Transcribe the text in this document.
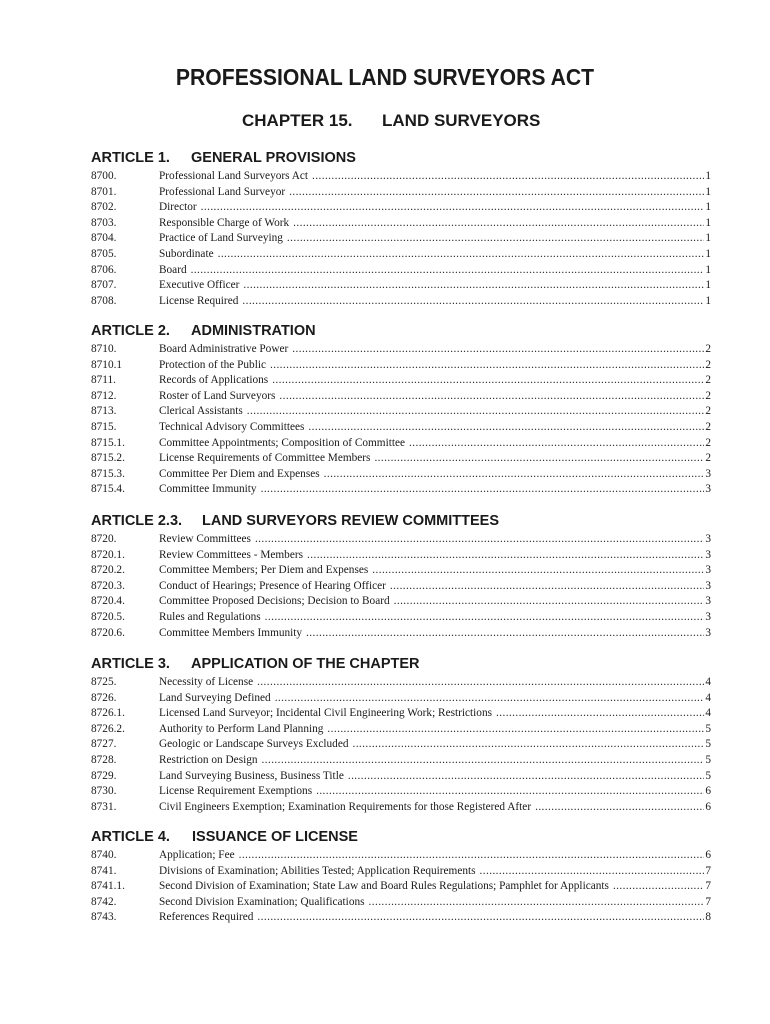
PROFESSIONAL LAND SURVEYORS ACT
CHAPTER 15. LAND SURVEYORS
ARTICLE 1. GENERAL PROVISIONS
8700.	Professional Land Surveyors Act .....	1
8701.	Professional Land Surveyor .....	1
8702.	Director .....	1
8703.	Responsible Charge of Work .....	1
8704.	Practice of Land Surveying .....	1
8705.	Subordinate .....	1
8706.	Board .....	1
8707.	Executive Officer .....	1
8708.	License Required .....	1
ARTICLE 2. ADMINISTRATION
8710.	Board Administrative Power .....	2
8710.1	Protection of the Public .....	2
8711.	Records of Applications .....	2
8712.	Roster of Land Surveyors .....	2
8713.	Clerical Assistants .....	2
8715.	Technical Advisory Committees .....	2
8715.1.	Committee Appointments; Composition of Committee .....	2
8715.2.	License Requirements of Committee Members .....	2
8715.3.	Committee Per Diem and Expenses .....	3
8715.4.	Committee Immunity .....	3
ARTICLE 2.3. LAND SURVEYORS REVIEW COMMITTEES
8720.	Review Committees .....	3
8720.1.	Review Committees - Members .....	3
8720.2.	Committee Members; Per Diem and Expenses .....	3
8720.3.	Conduct of Hearings; Presence of Hearing Officer .....	3
8720.4.	Committee Proposed Decisions; Decision to Board .....	3
8720.5.	Rules and Regulations .....	3
8720.6.	Committee Members Immunity .....	3
ARTICLE 3. APPLICATION OF THE CHAPTER
8725.	Necessity of License .....	4
8726.	Land Surveying Defined .....	4
8726.1.	Licensed Land Surveyor; Incidental Civil Engineering Work; Restrictions .....	4
8726.2.	Authority to Perform Land Planning .....	5
8727.	Geologic or Landscape Surveys Excluded .....	5
8728.	Restriction on Design .....	5
8729.	Land Surveying Business, Business Title .....	5
8730.	License Requirement Exemptions .....	6
8731.	Civil Engineers Exemption; Examination Requirements for those Registered After .....	6
ARTICLE 4. ISSUANCE OF LICENSE
8740.	Application; Fee .....	6
8741.	Divisions of Examination; Abilities Tested; Application Requirements .....	7
8741.1.	Second Division of Examination; State Law and Board Rules Regulations; Pamphlet for Applicants .....	7
8742.	Second Division Examination; Qualifications .....	7
8743.	References Required .....	8
